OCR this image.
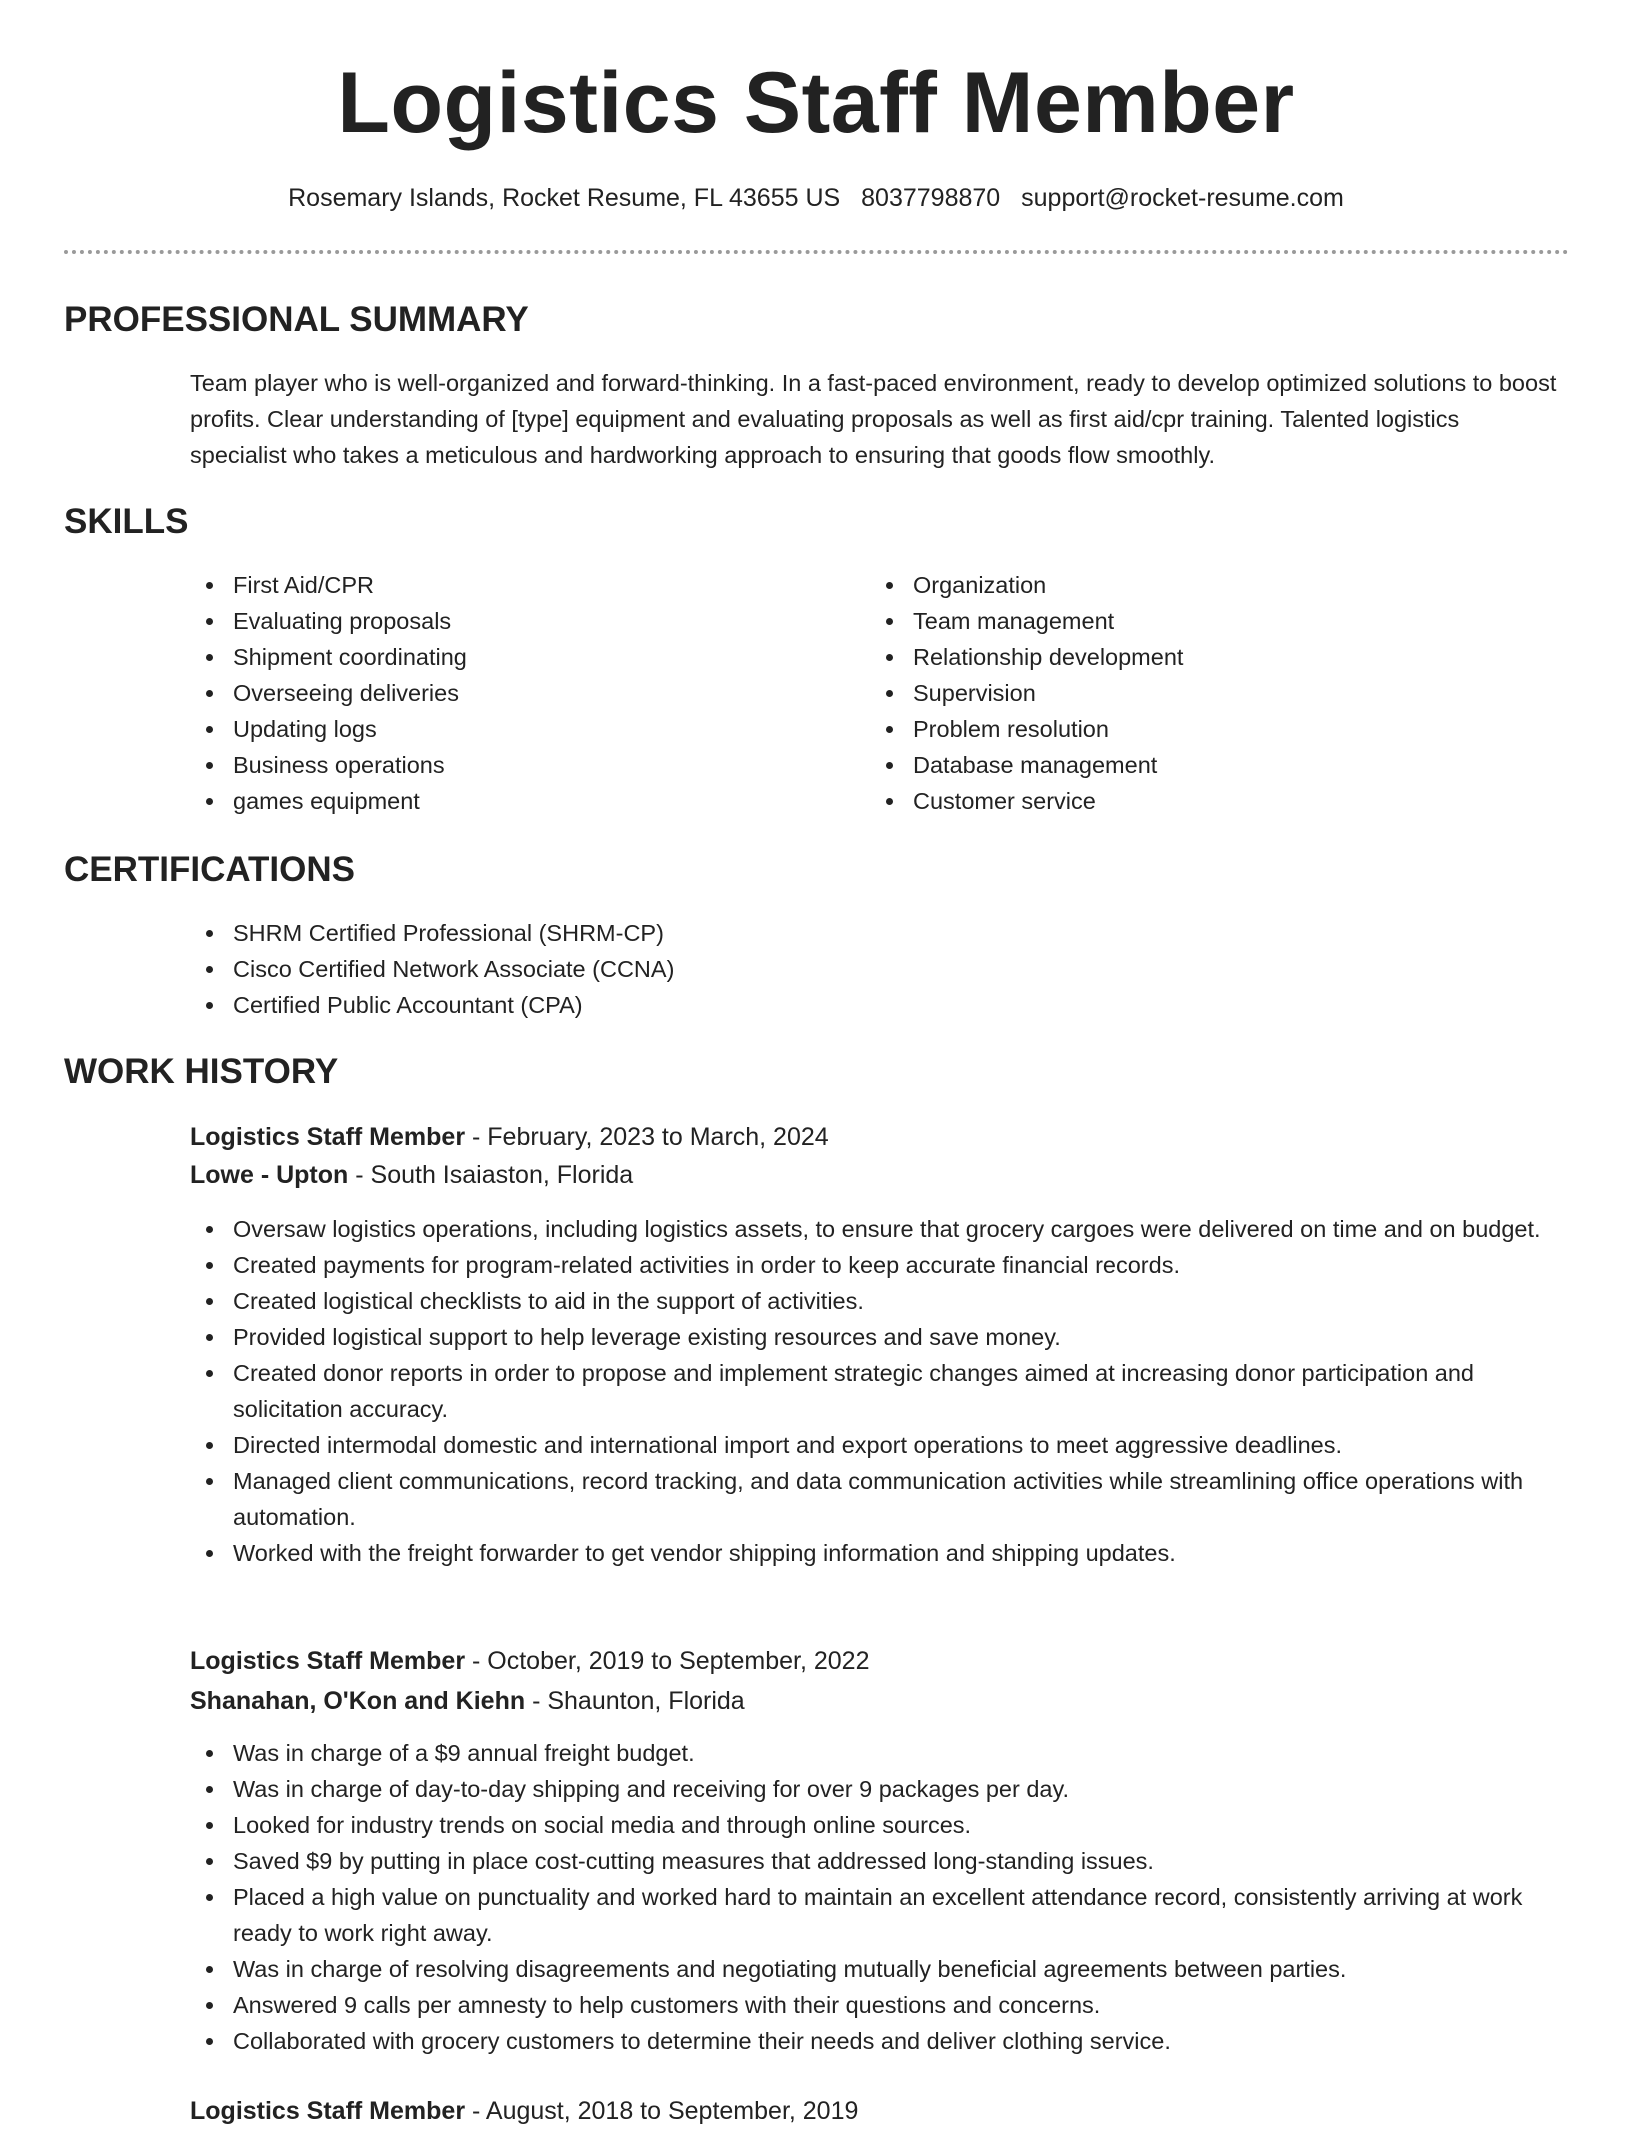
Logistics Staff Member
Rosemary Islands, Rocket Resume, FL 43655 US 8037798870 support@rocket-resume.com
PROFESSIONAL SUMMARY

Team player who is well-organized and forward-thinking. In a fast-paced environment, ready to develop optimized solutions to boost profits. Clear understanding of [type] equipment and evaluating proposals as well as first aid/cpr training. Talented logistics specialist who takes a meticulous and hardworking approach to ensuring that goods flow smoothly.

SKILLS
First Aid/CPR
Evaluating proposals
Shipment coordinating
Overseeing deliveries
Updating logs
Business operations
games equipment
Organization
Team management
Relationship development
Supervision
Problem resolution
Database management
Customer service
CERTIFICATIONS
SHRM Certified Professional (SHRM-CP)
Cisco Certified Network Associate (CCNA)
Certified Public Accountant (CPA)
WORK HISTORY
Logistics Staff Member - February, 2023 to March, 2024
Lowe - Upton - South Isaiaston, Florida
Oversaw logistics operations, including logistics assets, to ensure that grocery cargoes were delivered on time and on budget.
Created payments for program-related activities in order to keep accurate financial records.
Created logistical checklists to aid in the support of activities.
Provided logistical support to help leverage existing resources and save money.
Created donor reports in order to propose and implement strategic changes aimed at increasing donor participation and solicitation accuracy.
Directed intermodal domestic and international import and export operations to meet aggressive deadlines.
Managed client communications, record tracking, and data communication activities while streamlining office operations with automation.
Worked with the freight forwarder to get vendor shipping information and shipping updates.
Logistics Staff Member - October, 2019 to September, 2022
Shanahan, O'Kon and Kiehn - Shaunton, Florida
Was in charge of a $9 annual freight budget.
Was in charge of day-to-day shipping and receiving for over 9 packages per day.
Looked for industry trends on social media and through online sources.
Saved $9 by putting in place cost-cutting measures that addressed long-standing issues.
Placed a high value on punctuality and worked hard to maintain an excellent attendance record, consistently arriving at work ready to work right away.
Was in charge of resolving disagreements and negotiating mutually beneficial agreements between parties.
Answered 9 calls per amnesty to help customers with their questions and concerns.
Collaborated with grocery customers to determine their needs and deliver clothing service.
Logistics Staff Member - August, 2018 to September, 2019
